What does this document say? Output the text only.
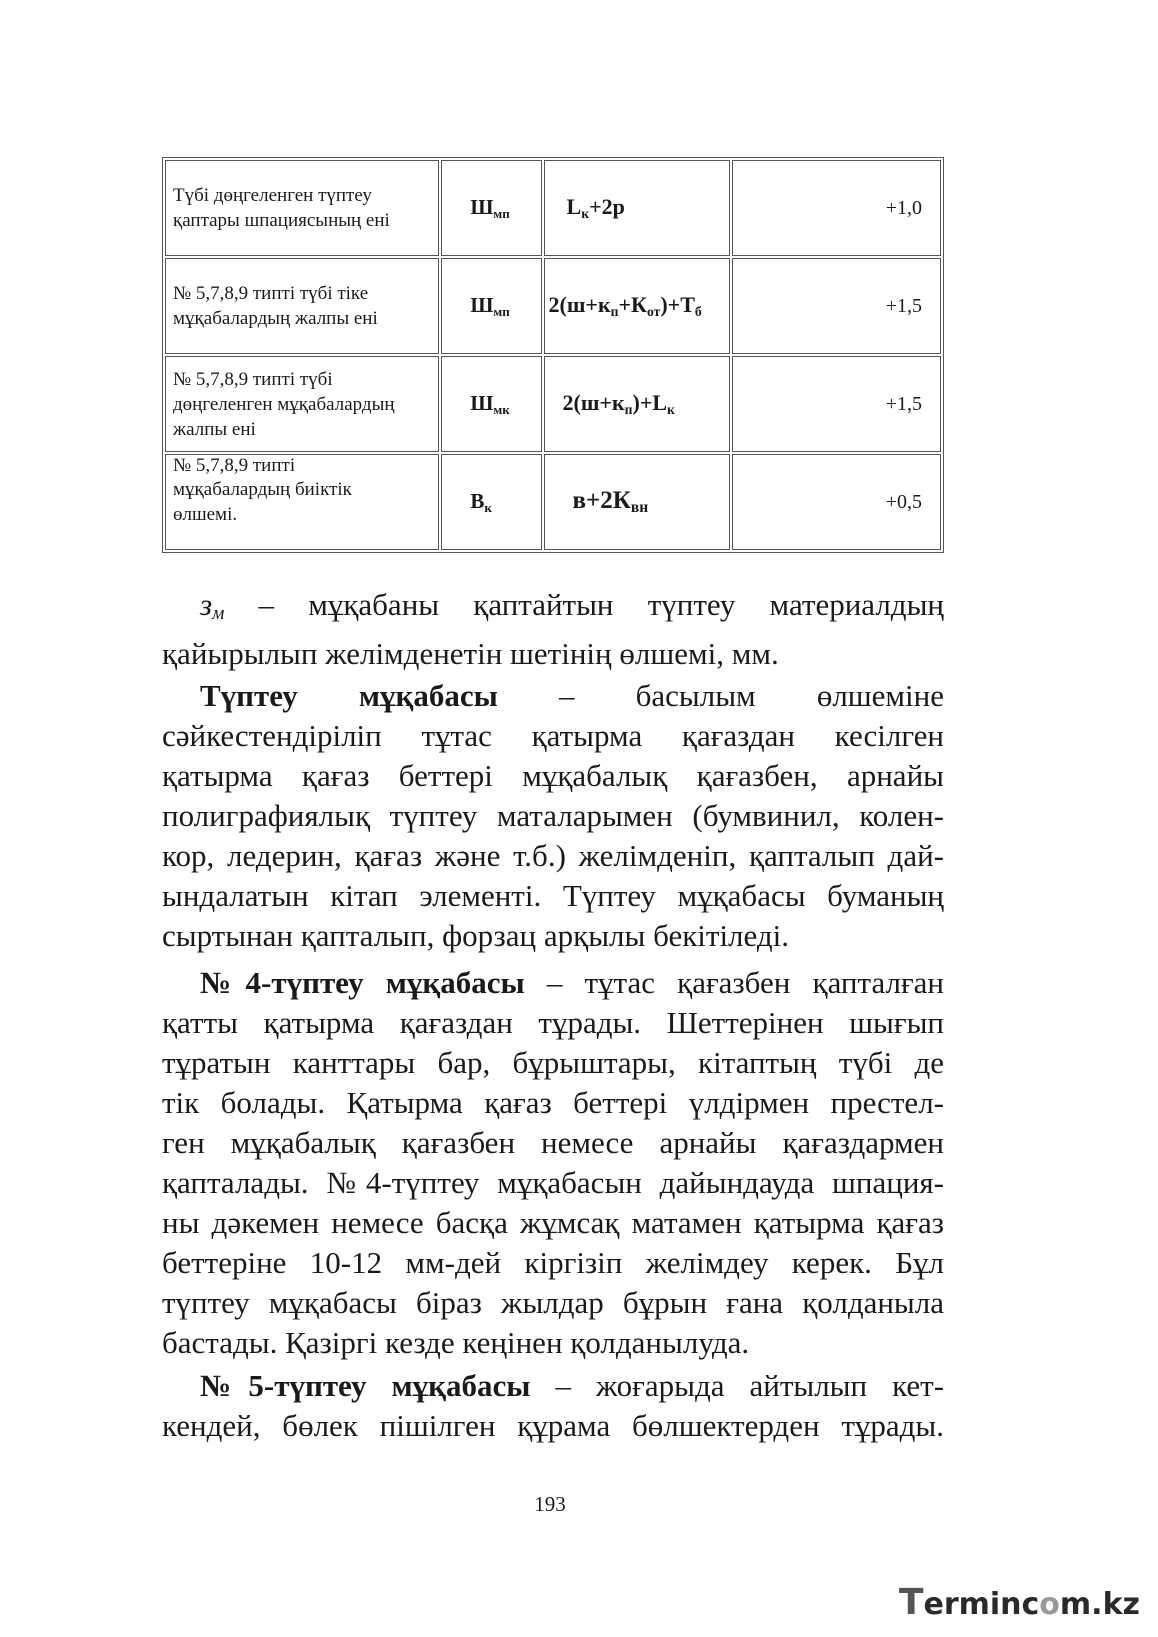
Түбі дөңгеленген түптеу
қаптары шпациясының ені	$Ш_{мп}$	$L_к+2р$	+1,0

№ 5,7,8,9 типті түбі тіке
мұқабалардың жалпы ені	$Ш_{мп}$	$2(ш+к_п+К_{от})+Т_б$	+1,5

№ 5,7,8,9 типті түбі
дөңгеленген мұқабалардың
жалпы ені	$Ш_{мк}$	$2(ш+к_п)+L_к$	+1,5

№ 5,7,8,9 типті
мұқабалардың биіктік
өлшемі.	$В_к$	$в+2К_{вн}$	+0,5
$з_м$ – мұқабаны қаптайтын түптеу материалдың
қайырылып желімденетін шетінің өлшемі, мм.
Түптеу мұқабасы – басылым өлшеміне
сәйкестендіріліп тұтас қатырма қағаздан кесілген
қатырма қағаз беттері мұқабалық қағазбен, арнайы
полиграфиялық түптеу маталарымен (бумвинил, колен-
кор, ледерин, қағаз және т.б.) желімденіп, қапталып дай-
ындалатын кітап элементі. Түптеу мұқабасы буманың
сыртынан қапталып, форзац арқылы бекітіледі.
№4-түптеу мұқабасы – тұтас қағазбен қапталған
қатты қатырма қағаздан тұрады. Шеттерінен шығып
тұратын канттары бар, бұрыштары, кітаптың түбі де
тік болады. Қатырма қағаз беттері үлдірмен престел-
ген мұқабалық қағазбен немесе арнайы қағаздармен
қапталады. №4-түптеу мұқабасын дайындауда шпация-
ны дәкемен немесе басқа жұмсақ матамен қатырма қағаз
беттеріне 10-12 мм-дей кіргізіп желімдеу керек. Бұл
түптеу мұқабасы біраз жылдар бұрын ғана қолданыла
бастады. Қазіргі кезде кеңінен қолданылуда.
№5-түптеу мұқабасы – жоғарыда айтылып кет-
кендей, бөлек пішілген құрама бөлшектерден тұрады.
193
Termincom.kz
